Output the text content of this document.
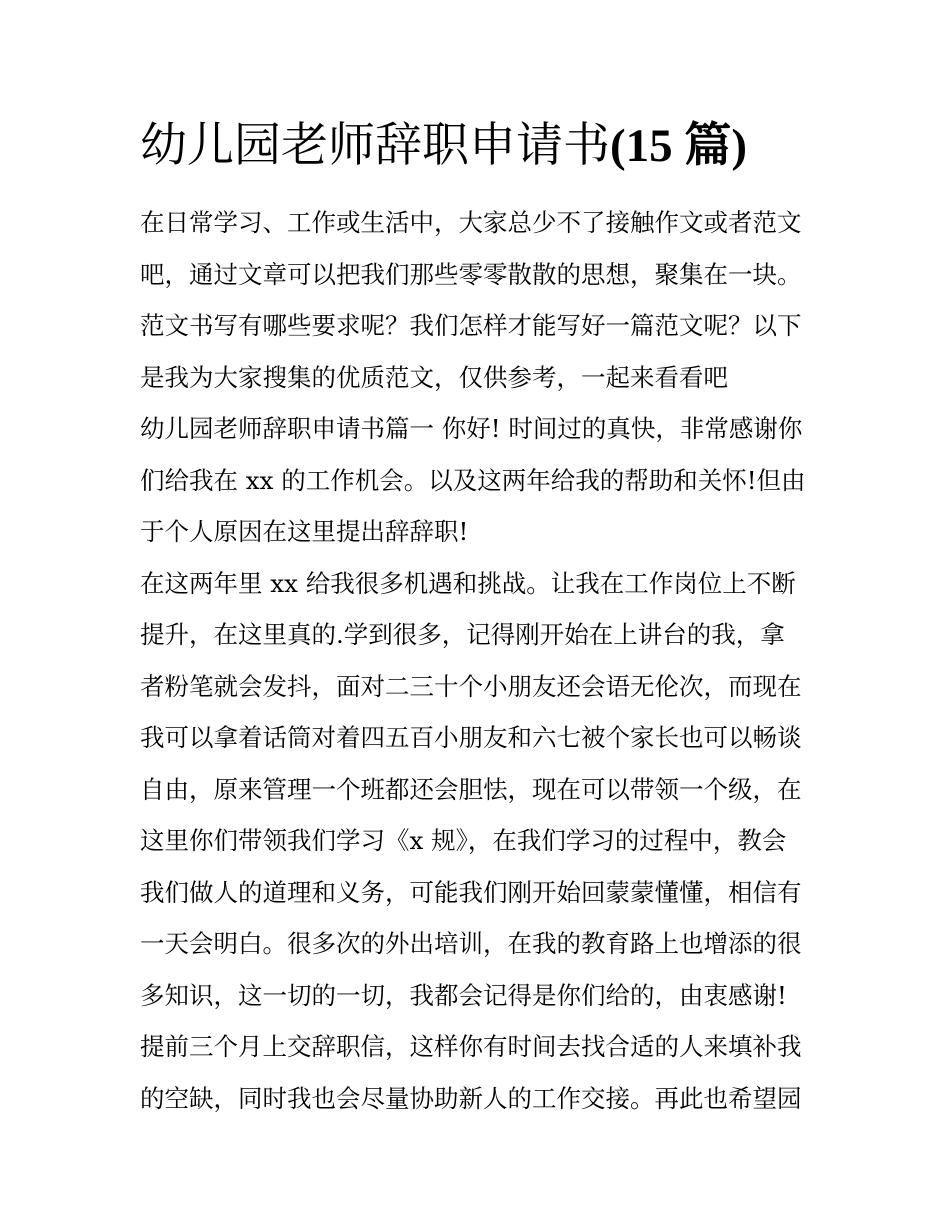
幼儿园老师辞职申请书(15 篇)
在日常学习、工作或生活中，大家总少不了接触作文或者范文
吧，通过文章可以把我们那些零零散散的思想，聚集在一块。
范文书写有哪些要求呢？我们怎样才能写好一篇范文呢？以下
是我为大家搜集的优质范文，仅供参考，一起来看看吧
幼儿园老师辞职申请书篇一 你好! 时间过的真快，非常感谢你
们给我在 xx 的工作机会。以及这两年给我的帮助和关怀!但由
于个人原因在这里提出辞辞职!
在这两年里 xx 给我很多机遇和挑战。让我在工作岗位上不断
提升，在这里真的.学到很多，记得刚开始在上讲台的我，拿
者粉笔就会发抖，面对二三十个小朋友还会语无伦次，而现在
我可以拿着话筒对着四五百小朋友和六七被个家长也可以畅谈
自由，原来管理一个班都还会胆怯，现在可以带领一个级，在
这里你们带领我们学习《x 规》，在我们学习的过程中，教会
我们做人的道理和义务，可能我们刚开始回蒙蒙懂懂，相信有
一天会明白。很多次的外出培训，在我的教育路上也增添的很
多知识，这一切的一切，我都会记得是你们给的，由衷感谢!
提前三个月上交辞职信，这样你有时间去找合适的人来填补我
的空缺，同时我也会尽量协助新人的工作交接。再此也希望园
